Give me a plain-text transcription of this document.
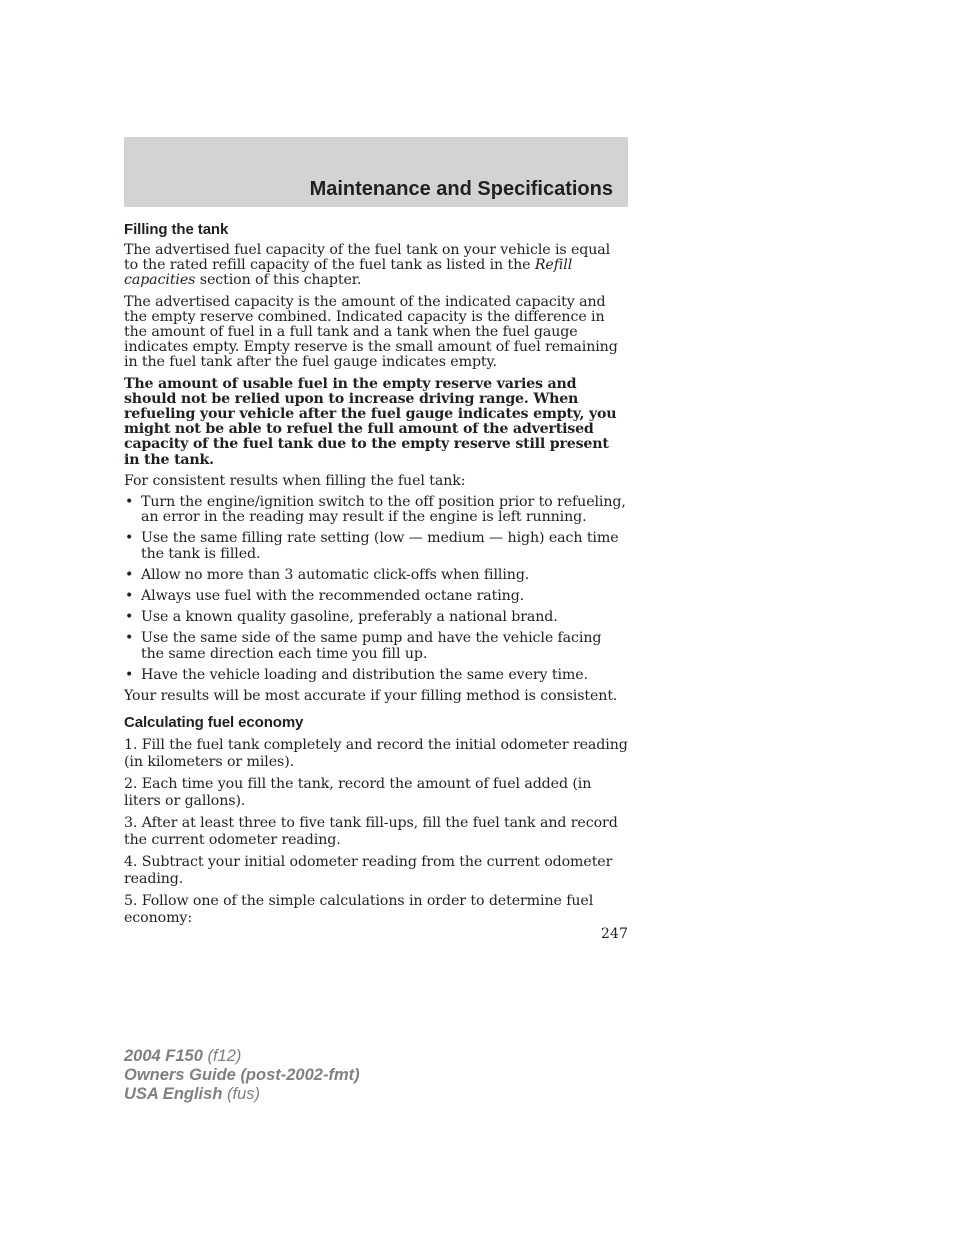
Maintenance and Specifications
Filling the tank

The advertised fuel capacity of the fuel tank on your vehicle is equal to the rated refill capacity of the fuel tank as listed in the Refill capacities section of this chapter.

The advertised capacity is the amount of the indicated capacity and the empty reserve combined. Indicated capacity is the difference in the amount of fuel in a full tank and a tank when the fuel gauge indicates empty. Empty reserve is the small amount of fuel remaining in the fuel tank after the fuel gauge indicates empty.

The amount of usable fuel in the empty reserve varies and should not be relied upon to increase driving range. When refueling your vehicle after the fuel gauge indicates empty, you might not be able to refuel the full amount of the advertised capacity of the fuel tank due to the empty reserve still present in the tank.

For consistent results when filling the fuel tank:

• Turn the engine/ignition switch to the off position prior to refueling, an error in the reading may result if the engine is left running.
• Use the same filling rate setting (low — medium — high) each time the tank is filled.
• Allow no more than 3 automatic click-offs when filling.
• Always use fuel with the recommended octane rating.
• Use a known quality gasoline, preferably a national brand.
• Use the same side of the same pump and have the vehicle facing the same direction each time you fill up.
• Have the vehicle loading and distribution the same every time.

Your results will be most accurate if your filling method is consistent.

Calculating fuel economy

1. Fill the fuel tank completely and record the initial odometer reading (in kilometers or miles).

2. Each time you fill the tank, record the amount of fuel added (in liters or gallons).

3. After at least three to five tank fill-ups, fill the fuel tank and record the current odometer reading.

4. Subtract your initial odometer reading from the current odometer reading.

5. Follow one of the simple calculations in order to determine fuel economy:

247
2004 F150 (f12)
Owners Guide (post-2002-fmt)
USA English (fus)
